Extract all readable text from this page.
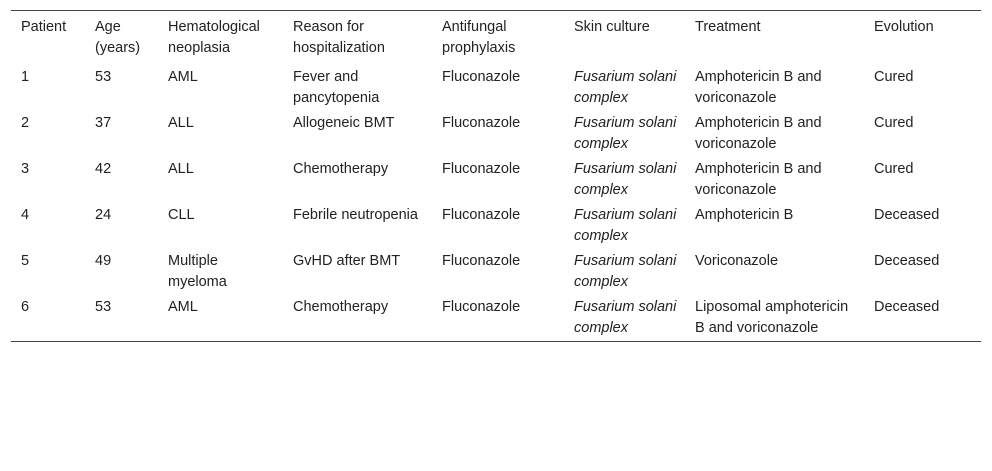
Patient	Age (years)	Hematological neoplasia	Reason for hospitalization	Antifungal prophylaxis	Skin culture	Treatment	Evolution
1	53	AML	Fever and pancytopenia	Fluconazole	Fusarium solani complex	Amphotericin B and voriconazole	Cured
2	37	ALL	Allogeneic BMT	Fluconazole	Fusarium solani complex	Amphotericin B and voriconazole	Cured
3	42	ALL	Chemotherapy	Fluconazole	Fusarium solani complex	Amphotericin B and voriconazole	Cured
4	24	CLL	Febrile neutropenia	Fluconazole	Fusarium solani complex	Amphotericin B	Deceased
5	49	Multiple myeloma	GvHD after BMT	Fluconazole	Fusarium solani complex	Voriconazole	Deceased
6	53	AML	Chemotherapy	Fluconazole	Fusarium solani complex	Liposomal amphotericin B and voriconazole	Deceased
